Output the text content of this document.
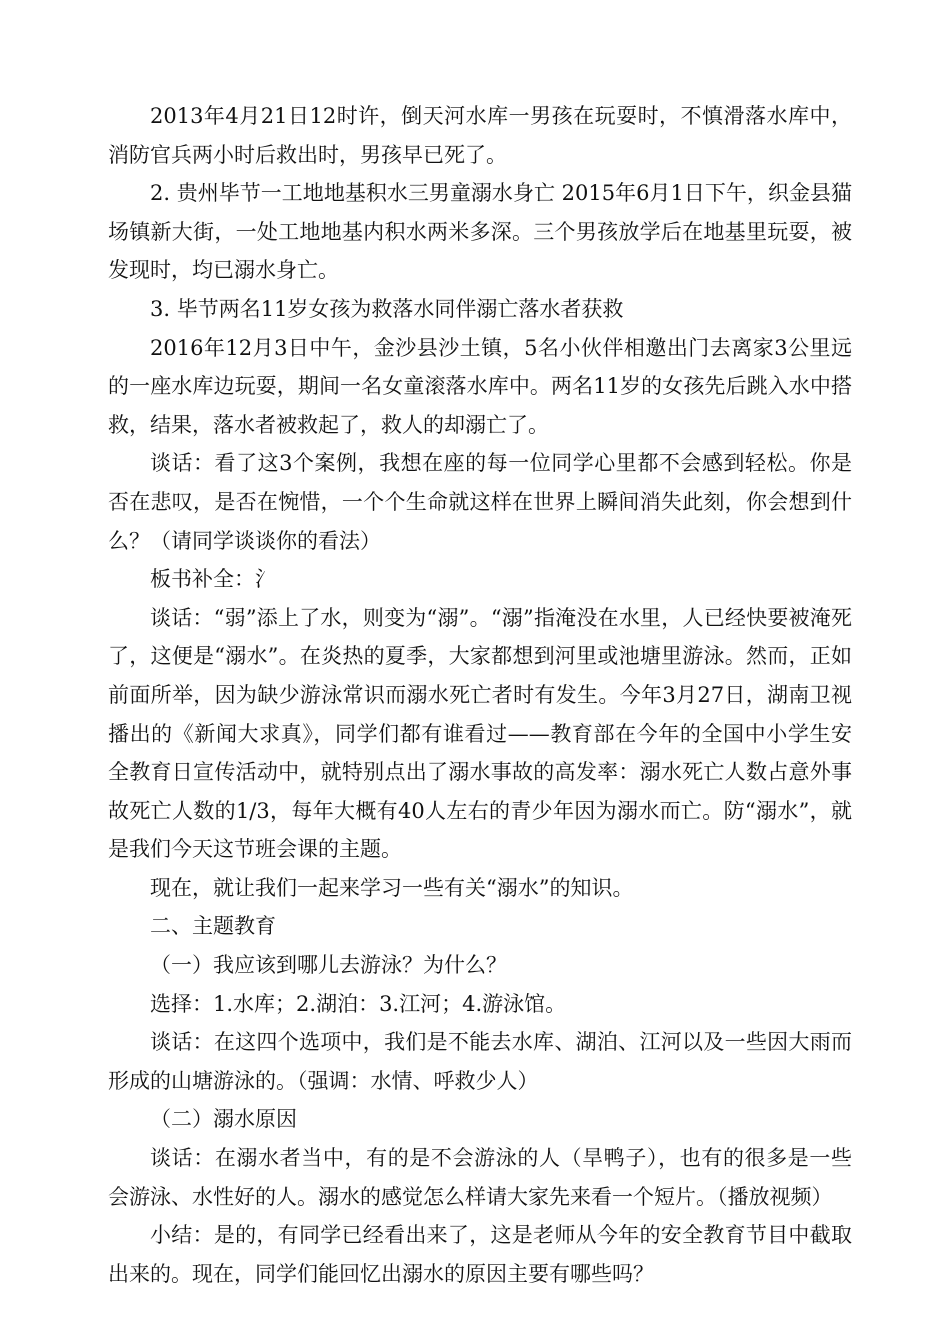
2013年4月21日12时许，倒天河水库一男孩在玩耍时，不慎滑落水库中，消防官兵两小时后救出时，男孩早已死了。

2. 贵州毕节一工地地基积水三男童溺水身亡 2015年6月1日下午，织金县猫场镇新大街，一处工地地基内积水两米多深。三个男孩放学后在地基里玩耍，被发现时，均已溺水身亡。

3. 毕节两名11岁女孩为救落水同伴溺亡落水者获救

2016年12月3日中午，金沙县沙土镇，5名小伙伴相邀出门去离家3公里远的一座水库边玩耍，期间一名女童滚落水库中。两名11岁的女孩先后跳入水中搭救，结果，落水者被救起了，救人的却溺亡了。

谈话：看了这3个案例，我想在座的每一位同学心里都不会感到轻松。你是否在悲叹，是否在惋惜，一个个生命就这样在世界上瞬间消失此刻，你会想到什么？（请同学谈谈你的看法）

板书补全：氵

谈话：“弱”添上了水，则变为“溺”。“溺”指淹没在水里，人已经快要被淹死了，这便是“溺水”。在炎热的夏季，大家都想到河里或池塘里游泳。然而，正如前面所举，因为缺少游泳常识而溺水死亡者时有发生。今年3月27日，湖南卫视播出的《新闻大求真》，同学们都有谁看过——教育部在今年的全国中小学生安全教育日宣传活动中，就特别点出了溺水事故的高发率：溺水死亡人数占意外事故死亡人数的1/3，每年大概有40人左右的青少年因为溺水而亡。防“溺水”，就是我们今天这节班会课的主题。

现在，就让我们一起来学习一些有关“溺水”的知识。

二、主题教育

（一）我应该到哪儿去游泳？为什么？

选择：1.水库；2.湖泊：3.江河；4.游泳馆。

谈话：在这四个选项中，我们是不能去水库、湖泊、江河以及一些因大雨而形成的山塘游泳的。（强调：水情、呼救少人）

（二）溺水原因

谈话：在溺水者当中，有的是不会游泳的人（旱鸭子），也有的很多是一些会游泳、水性好的人。溺水的感觉怎么样请大家先来看一个短片。（播放视频）

小结：是的，有同学已经看出来了，这是老师从今年的安全教育节目中截取出来的。现在，同学们能回忆出溺水的原因主要有哪些吗？
